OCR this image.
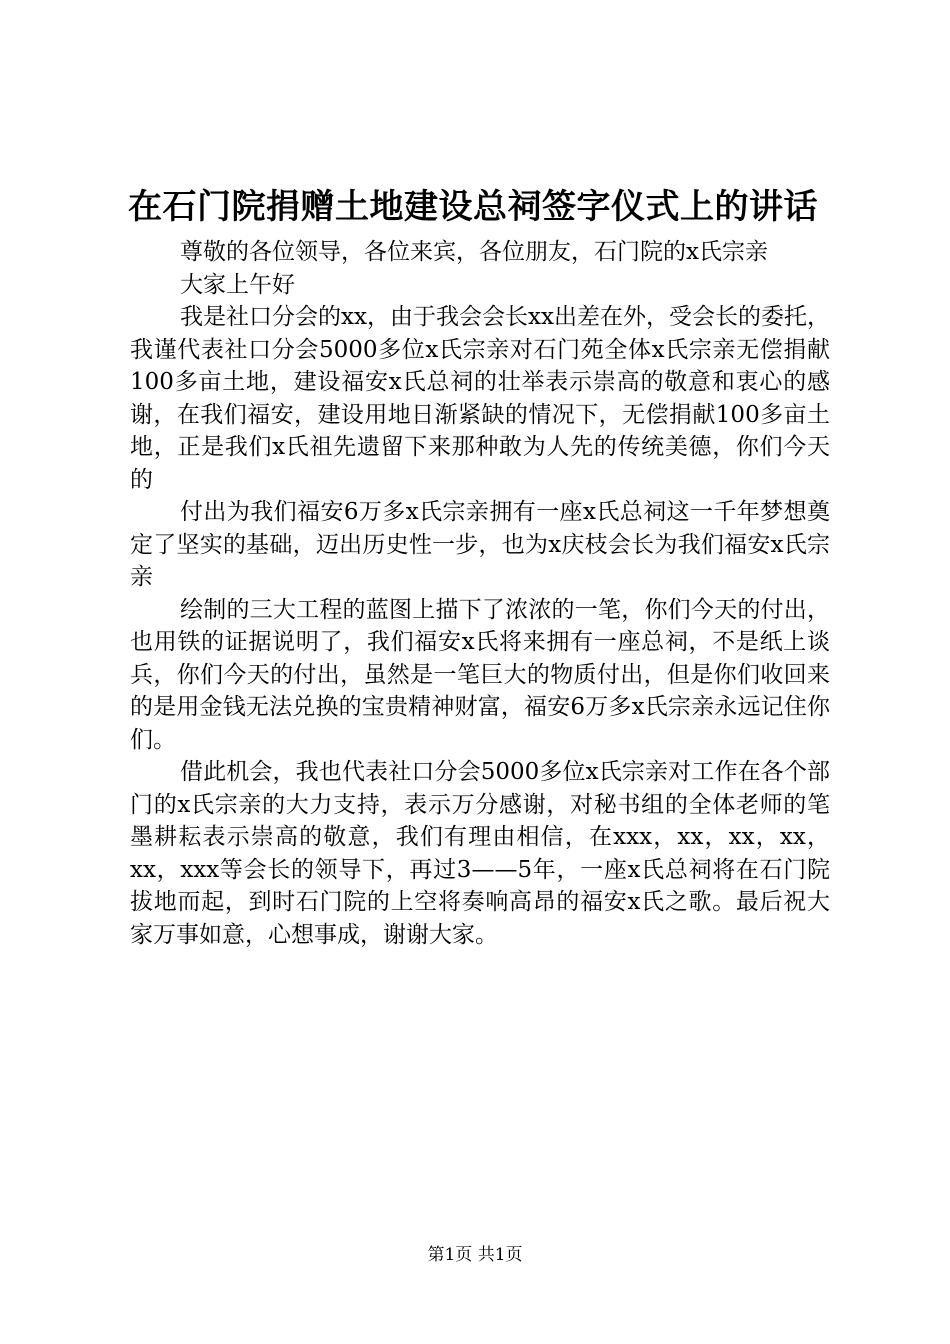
在石门院捐赠土地建设总祠签字仪式上的讲话

尊敬的各位领导，各位来宾，各位朋友，石门院的x氏宗亲

大家上午好

我是社口分会的xx，由于我会会长xx出差在外，受会长的委托，我谨代表社口分会5000多位x氏宗亲对石门苑全体x氏宗亲无偿捐献100多亩土地，建设福安x氏总祠的壮举表示崇高的敬意和衷心的感谢，在我们福安，建设用地日渐紧缺的情况下，无偿捐献100多亩土地，正是我们x氏祖先遗留下来那种敢为人先的传统美德，你们今天的

付出为我们福安6万多x氏宗亲拥有一座x氏总祠这一千年梦想奠定了坚实的基础，迈出历史性一步，也为x庆枝会长为我们福安x氏宗亲

绘制的三大工程的蓝图上描下了浓浓的一笔，你们今天的付出，也用铁的证据说明了，我们福安x氏将来拥有一座总祠，不是纸上谈兵，你们今天的付出，虽然是一笔巨大的物质付出，但是你们收回来的是用金钱无法兑换的宝贵精神财富，福安6万多x氏宗亲永远记住你们。

借此机会，我也代表社口分会5000多位x氏宗亲对工作在各个部门的x氏宗亲的大力支持，表示万分感谢，对秘书组的全体老师的笔墨耕耘表示崇高的敬意，我们有理由相信，在xxx，xx，xx，xx，xx，xxx等会长的领导下，再过3——5年，一座x氏总祠将在石门院拔地而起，到时石门院的上空将奏响高昂的福安x氏之歌。最后祝大家万事如意，心想事成，谢谢大家。

第1页 共1页
